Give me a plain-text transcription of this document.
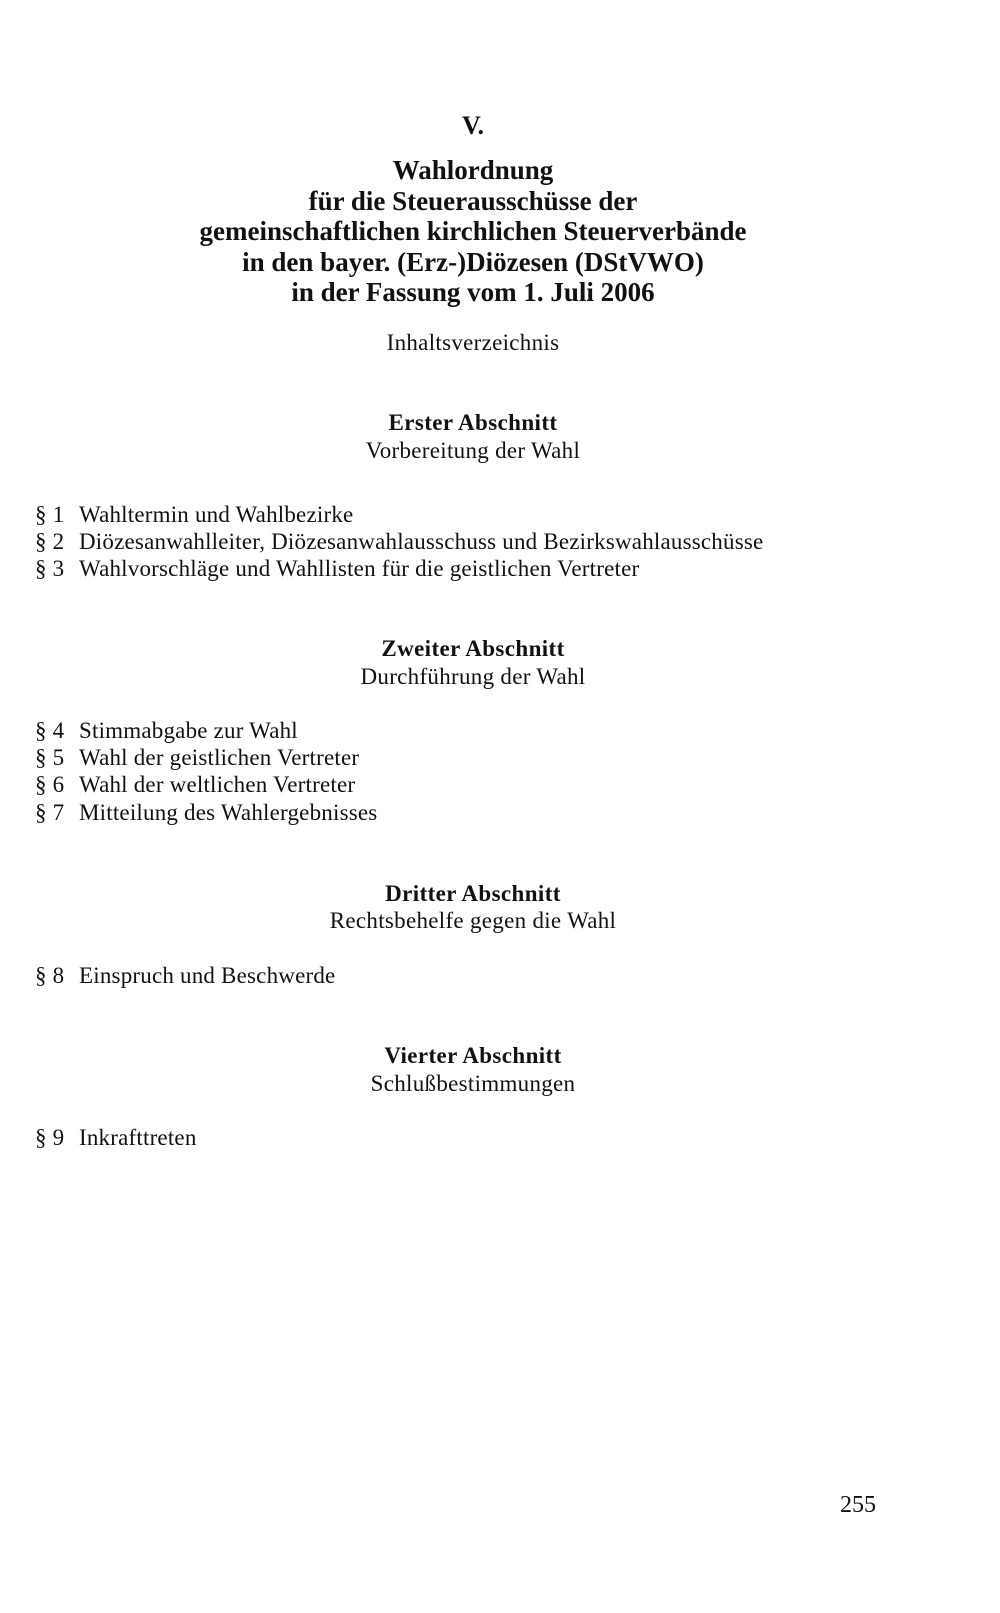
V.
Wahlordnung
für die Steuerausschüsse der
gemeinschaftlichen kirchlichen Steuerverbände
in den bayer. (Erz-)Diözesen (DStVWO)
in der Fassung vom 1. Juli 2006
Inhaltsverzeichnis
Erster Abschnitt
Vorbereitung der Wahl
§ 1 Wahltermin und Wahlbezirke
§ 2 Diözesanwahlleiter, Diözesanwahlausschuss und Bezirkswahlausschüsse
§ 3 Wahlvorschläge und Wahllisten für die geistlichen Vertreter
Zweiter Abschnitt
Durchführung der Wahl
§ 4 Stimmabgabe zur Wahl
§ 5 Wahl der geistlichen Vertreter
§ 6 Wahl der weltlichen Vertreter
§ 7 Mitteilung des Wahlergebnisses
Dritter Abschnitt
Rechtsbehelfe gegen die Wahl
§ 8 Einspruch und Beschwerde
Vierter Abschnitt
Schlußbestimmungen
§ 9 Inkrafttreten
255
